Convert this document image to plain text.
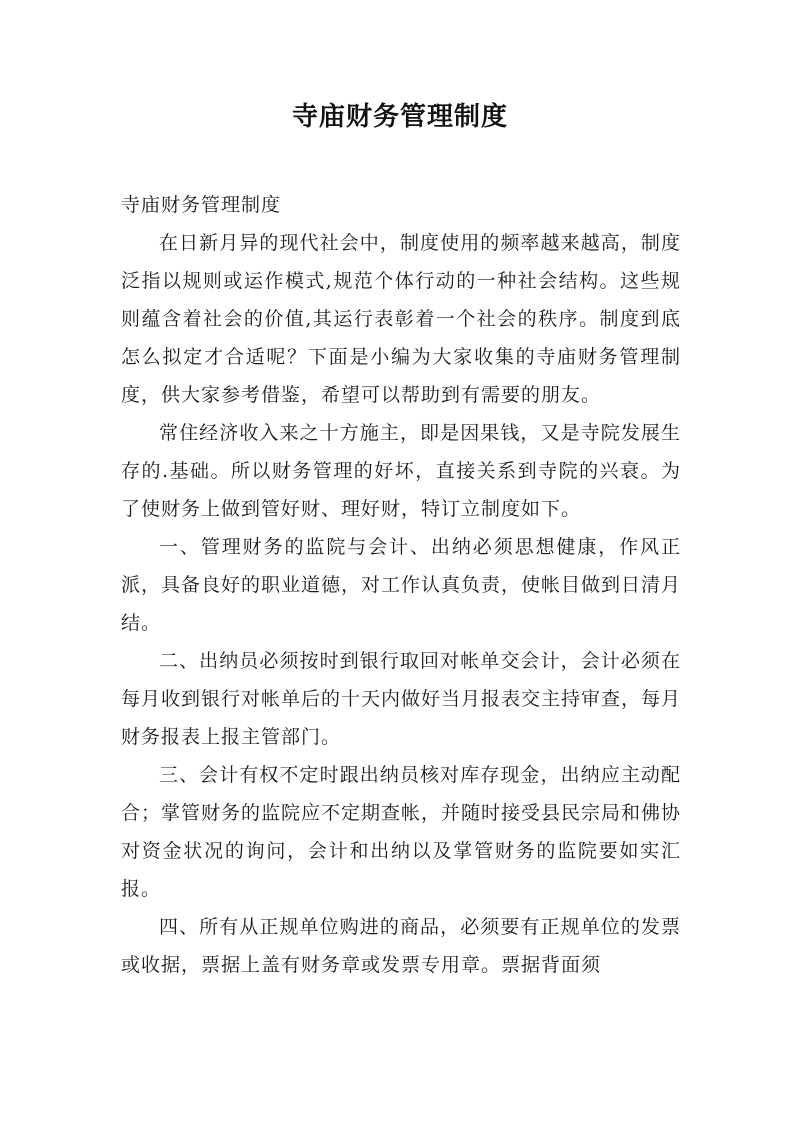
寺庙财务管理制度

寺庙财务管理制度

在日新月异的现代社会中，制度使用的频率越来越高，制度泛指以规则或运作模式,规范个体行动的一种社会结构。这些规则蕴含着社会的价值,其运行表彰着一个社会的秩序。制度到底怎么拟定才合适呢？下面是小编为大家收集的寺庙财务管理制度，供大家参考借鉴，希望可以帮助到有需要的朋友。

常住经济收入来之十方施主，即是因果钱，又是寺院发展生存的.基础。所以财务管理的好坏，直接关系到寺院的兴衰。为了使财务上做到管好财、理好财，特订立制度如下。

一、管理财务的监院与会计、出纳必须思想健康，作风正派，具备良好的职业道德，对工作认真负责，使帐目做到日清月结。

二、出纳员必须按时到银行取回对帐单交会计，会计必须在每月收到银行对帐单后的十天内做好当月报表交主持审查，每月财务报表上报主管部门。

三、会计有权不定时跟出纳员核对库存现金，出纳应主动配合；掌管财务的监院应不定期查帐，并随时接受县民宗局和佛协对资金状况的询问，会计和出纳以及掌管财务的监院要如实汇报。

四、所有从正规单位购进的商品，必须要有正规单位的发票或收据，票据上盖有财务章或发票专用章。票据背面须
